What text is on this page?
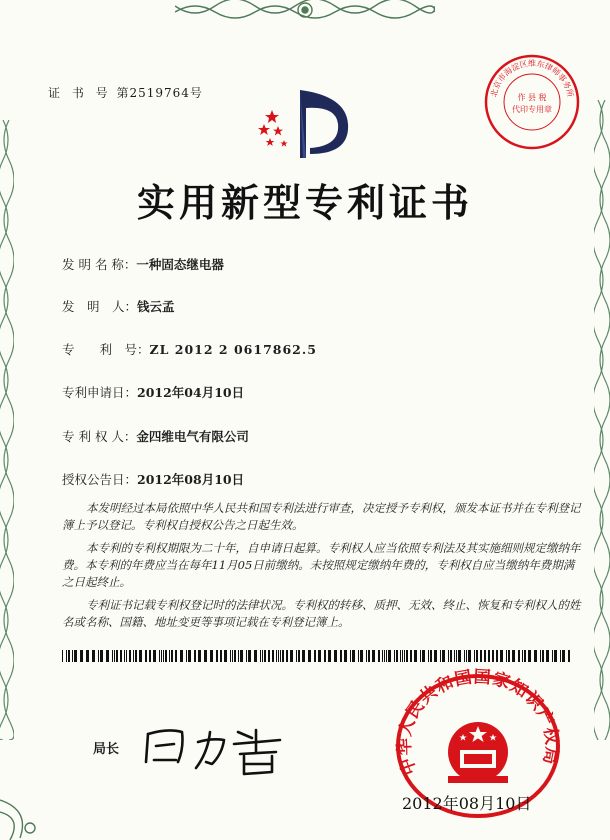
证 书 号 第2519764号	北京市海淀区维东律师事务所
作 县 税
代印专用章
实用新型专利证书
发 明 名 称：一种固态继电器
发　明　人：钱云孟
专　　利　号：ZL 2012 2 0617862.5
专利申请日：2012年04月10日
专 利 权 人：金四维电气有限公司
授权公告日：2012年08月10日

本发明经过本局依照中华人民共和国专利法进行审查，决定授予专利权，颁发本证书并在专利登记簿上予以登记。专利权自授权公告之日起生效。

本专利的专利权期限为二十年，自申请日起算。专利权人应当依照专利法及其实施细则规定缴纳年费。本专利的年费应当在每年11月05日前缴纳。未按照规定缴纳年费的，专利权自应当缴纳年费期满之日起终止。

专利证书记载专利权登记时的法律状况。专利权的转移、质押、无效、终止、恢复和专利权人的姓名或名称、国籍、地址变更等事项记载在专利登记簿上。

局长
中华人民共和国国家知识产权局
2012年08月10日
